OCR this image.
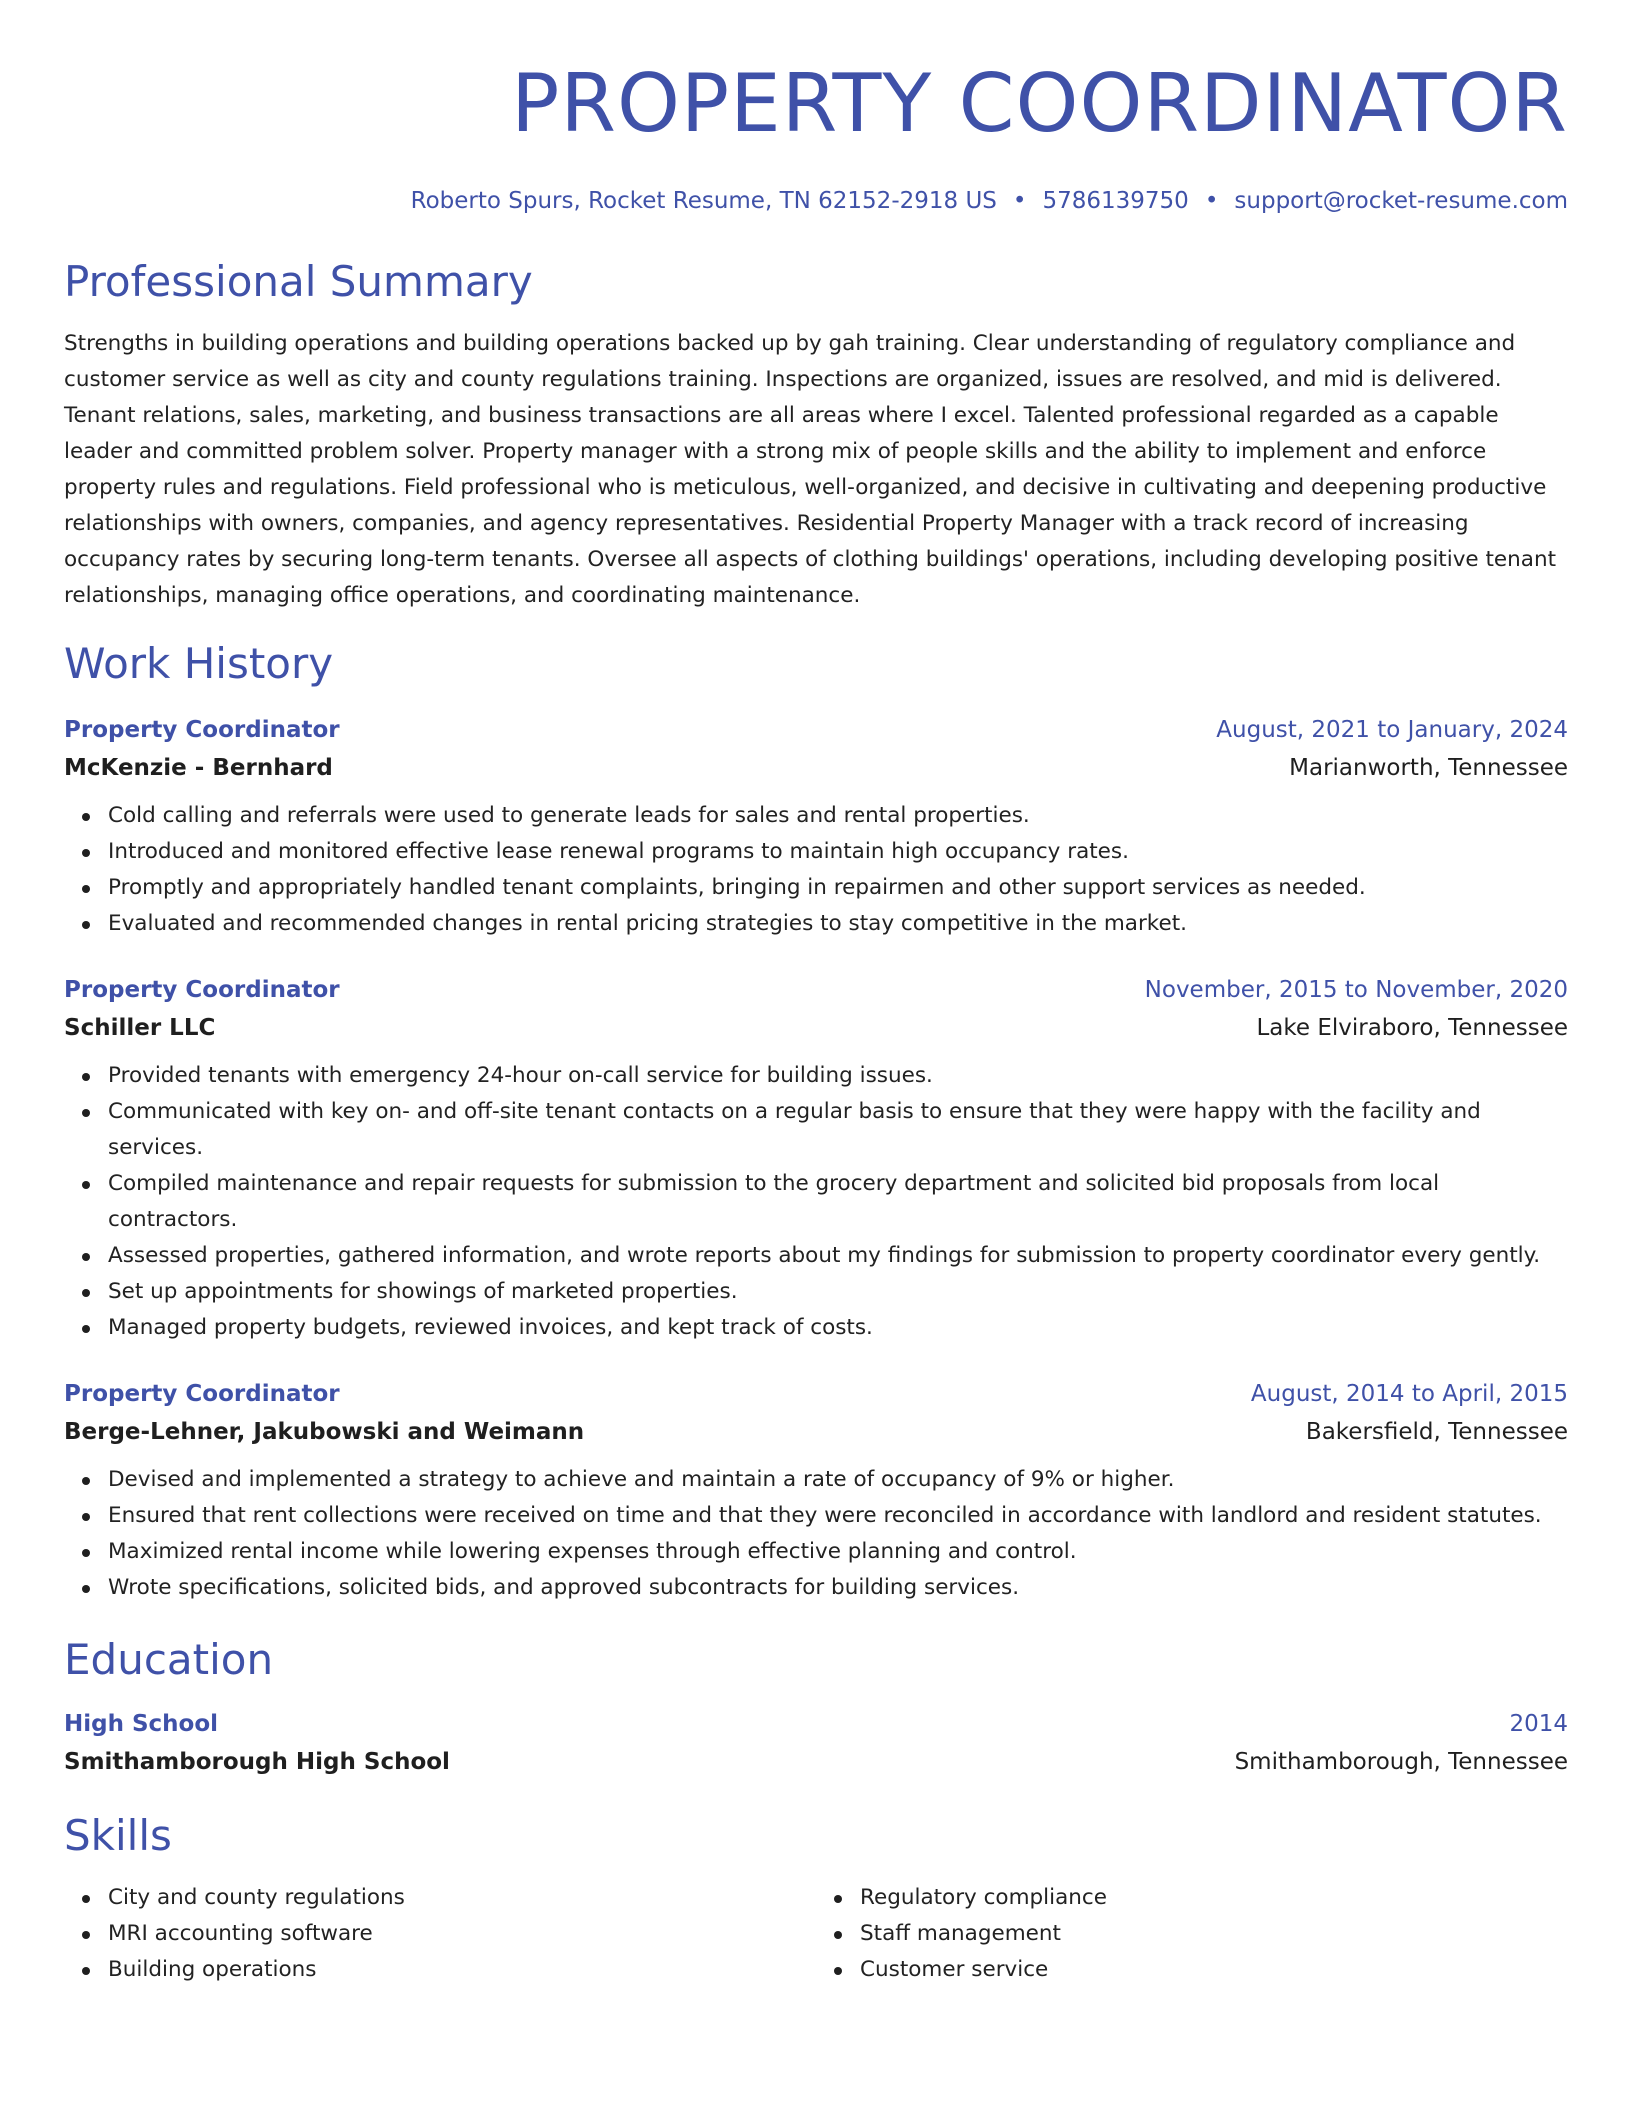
PROPERTY COORDINATOR
Roberto Spurs, Rocket Resume, TN 62152-2918 US • 5786139750 • support@rocket-resume.com
Professional Summary

Strengths in building operations and building operations backed up by gah training. Clear understanding of regulatory compliance and customer service as well as city and county regulations training. Inspections are organized, issues are resolved, and mid is delivered. Tenant relations, sales, marketing, and business transactions are all areas where I excel. Talented professional regarded as a capable leader and committed problem solver. Property manager with a strong mix of people skills and the ability to implement and enforce property rules and regulations. Field professional who is meticulous, well-organized, and decisive in cultivating and deepening productive relationships with owners, companies, and agency representatives. Residential Property Manager with a track record of increasing occupancy rates by securing long-term tenants. Oversee all aspects of clothing buildings' operations, including developing positive tenant relationships, managing office operations, and coordinating maintenance.

Work History
Property Coordinator	August, 2021 to January, 2024
McKenzie - Bernhard	Marianworth, Tennessee
Cold calling and referrals were used to generate leads for sales and rental properties.
Introduced and monitored effective lease renewal programs to maintain high occupancy rates.
Promptly and appropriately handled tenant complaints, bringing in repairmen and other support services as needed.
Evaluated and recommended changes in rental pricing strategies to stay competitive in the market.
Property Coordinator	November, 2015 to November, 2020
Schiller LLC	Lake Elviraboro, Tennessee
Provided tenants with emergency 24-hour on-call service for building issues.
Communicated with key on- and off-site tenant contacts on a regular basis to ensure that they were happy with the facility and services.
Compiled maintenance and repair requests for submission to the grocery department and solicited bid proposals from local contractors.
Assessed properties, gathered information, and wrote reports about my findings for submission to property coordinator every gently.
Set up appointments for showings of marketed properties.
Managed property budgets, reviewed invoices, and kept track of costs.
Property Coordinator	August, 2014 to April, 2015
Berge-Lehner, Jakubowski and Weimann	Bakersfield, Tennessee
Devised and implemented a strategy to achieve and maintain a rate of occupancy of 9% or higher.
Ensured that rent collections were received on time and that they were reconciled in accordance with landlord and resident statutes.
Maximized rental income while lowering expenses through effective planning and control.
Wrote specifications, solicited bids, and approved subcontracts for building services.
Education
High School	2014
Smithamborough High School	Smithamborough, Tennessee
Skills
City and county regulations
MRI accounting software
Building operations
Regulatory compliance
Staff management
Customer service
